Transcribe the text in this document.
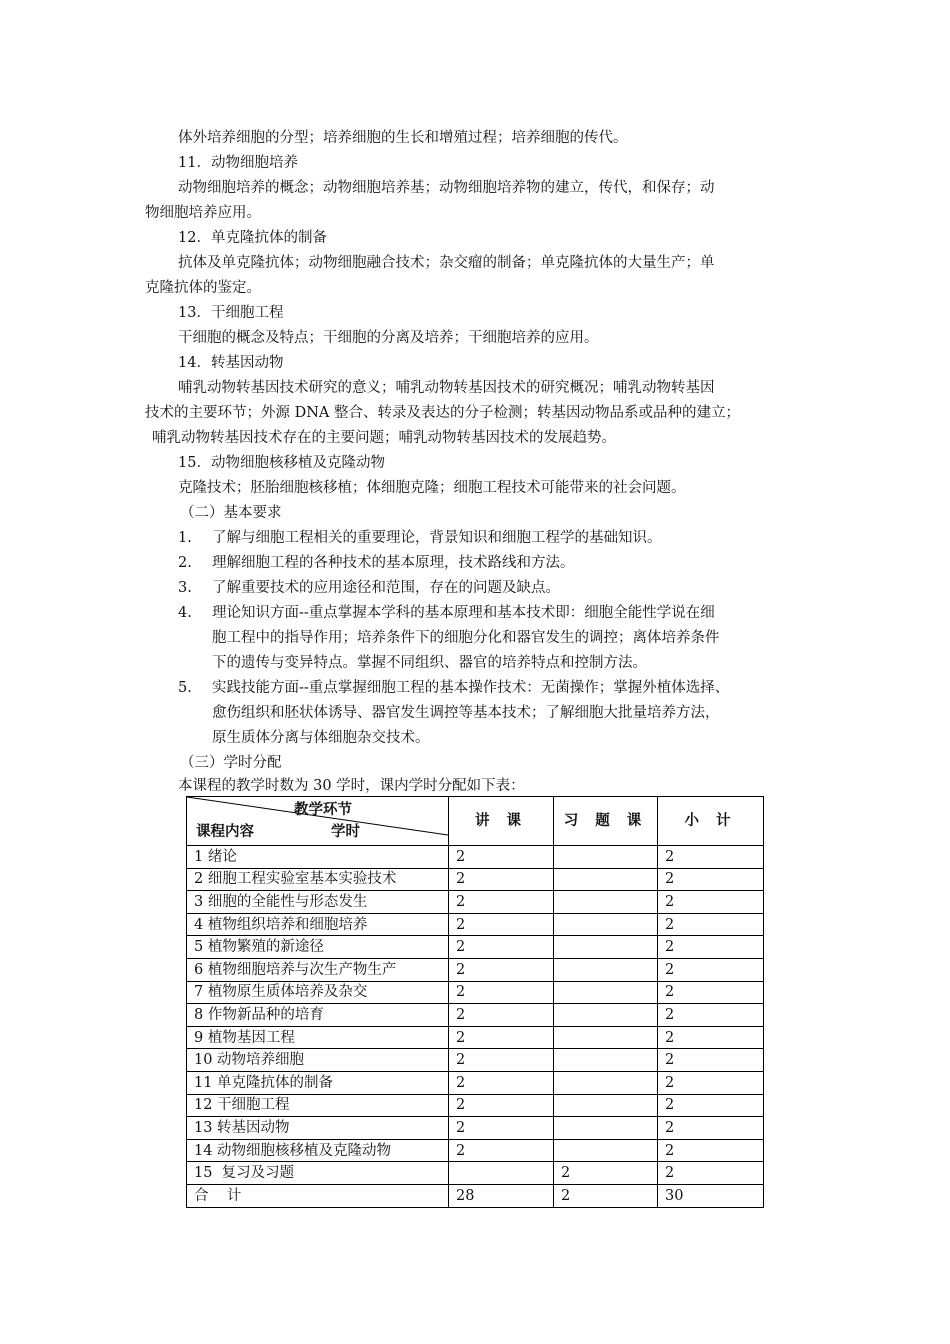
体外培养细胞的分型；培养细胞的生长和增殖过程；培养细胞的传代。
11．动物细胞培养
动物细胞培养的概念；动物细胞培养基；动物细胞培养物的建立，传代，和保存；动
物细胞培养应用。
12．单克隆抗体的制备
抗体及单克隆抗体；动物细胞融合技术；杂交瘤的制备；单克隆抗体的大量生产；单
克隆抗体的鉴定。
13．干细胞工程
干细胞的概念及特点；干细胞的分离及培养；干细胞培养的应用。
14．转基因动物
哺乳动物转基因技术研究的意义；哺乳动物转基因技术的研究概况；哺乳动物转基因
技术的主要环节；外源 DNA 整合、转录及表达的分子检测；转基因动物品系或品种的建立；
哺乳动物转基因技术存在的主要问题；哺乳动物转基因技术的发展趋势。
15．动物细胞核移植及克隆动物
克隆技术；胚胎细胞核移植；体细胞克隆；细胞工程技术可能带来的社会问题。
（二）基本要求
1. 了解与细胞工程相关的重要理论，背景知识和细胞工程学的基础知识。
2. 理解细胞工程的各种技术的基本原理，技术路线和方法。
3. 了解重要技术的应用途径和范围，存在的问题及缺点。
4. 理论知识方面--重点掌握本学科的基本原理和基本技术即：细胞全能性学说在细
胞工程中的指导作用；培养条件下的细胞分化和器官发生的调控；离体培养条件
下的遗传与变异特点。掌握不同组织、器官的培养特点和控制方法。
5. 实践技能方面--重点掌握细胞工程的基本操作技术：无菌操作；掌握外植体选择、
愈伤组织和胚状体诱导、器官发生调控等基本技术；了解细胞大批量培养方法，
原生质体分离与体细胞杂交技术。
（三）学时分配
本课程的教学时数为 30 学时，课内学时分配如下表：
教学环节
课程内容 学时	讲 课	习 题 课	小 计
1 绪论	2		2
2 细胞工程实验室基本实验技术	2		2
3 细胞的全能性与形态发生	2		2
4 植物组织培养和细胞培养	2		2
5 植物繁殖的新途径	2		2
6 植物细胞培养与次生产物生产	2		2
7 植物原生质体培养及杂交	2		2
8 作物新品种的培育	2		2
9 植物基因工程	2		2
10 动物培养细胞	2		2
11 单克隆抗体的制备	2		2
12 干细胞工程	2		2
13 转基因动物	2		2
14 动物细胞核移植及克隆动物	2		2
15  复习及习题		2	2
合    计	28	2	30
